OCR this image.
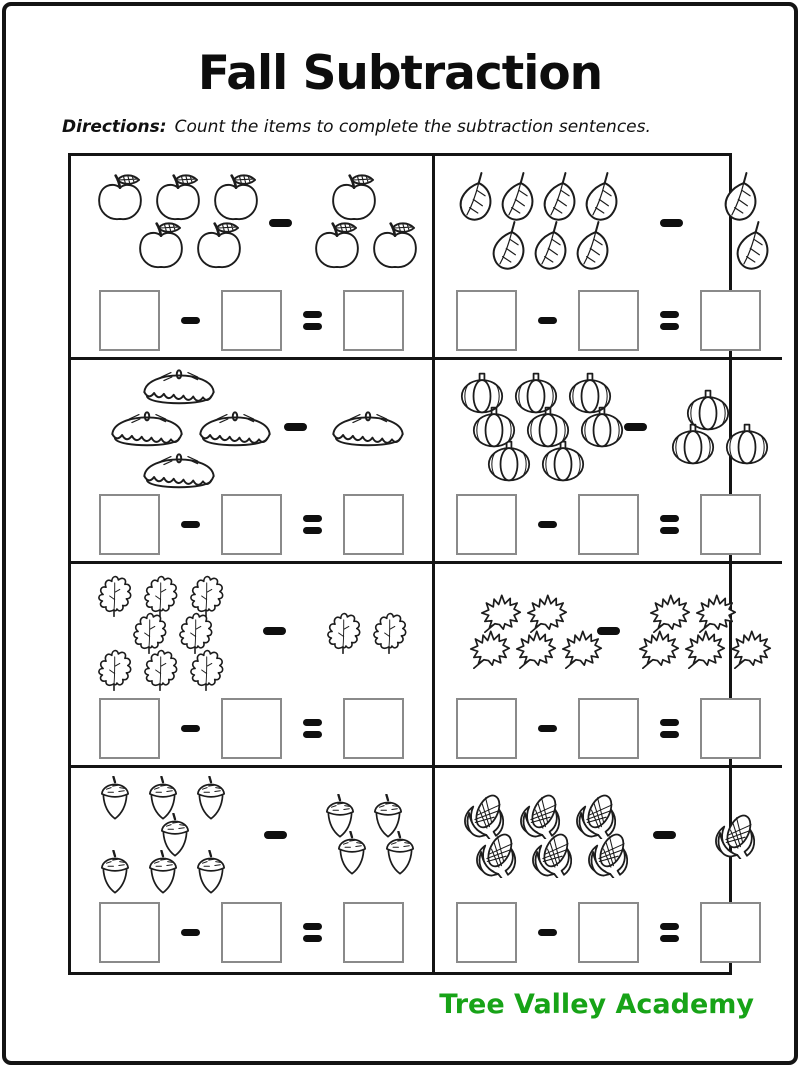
Fall Subtraction
Directions: Count the items to complete the subtraction sentences.
Tree Valley Academy
